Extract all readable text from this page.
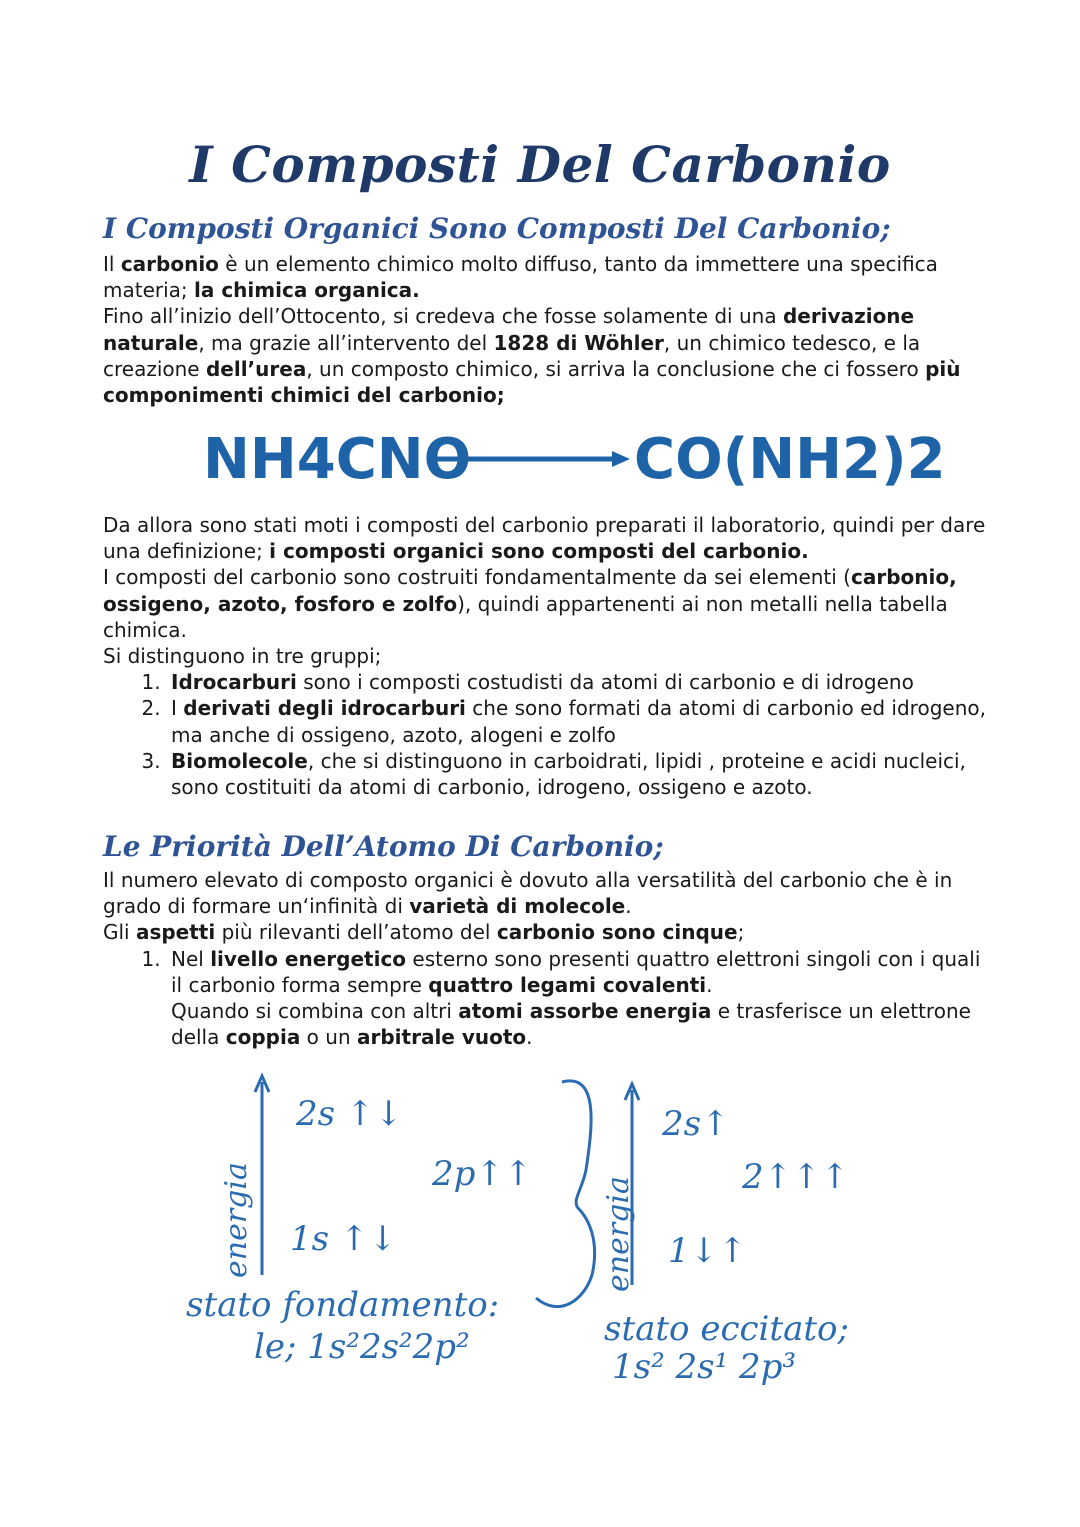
I Composti Del Carbonio
I Composti Organici Sono Composti Del Carbonio;

Il carbonio è un elemento chimico molto diffuso, tanto da immettere una specifica materia; la chimica organica.

Fino all’inizio dell’Ottocento, si credeva che fosse solamente di una derivazione naturale, ma grazie all’intervento del 1828 di Wöhler, un chimico tedesco, e la creazione dell’urea, un composto chimico, si arriva la conclusione che ci fossero più componimenti chimici del carbonio;

NH4CNO	CO(NH2)2

Da allora sono stati moti i composti del carbonio preparati il laboratorio, quindi per dare una definizione; i composti organici sono composti del carbonio.

I composti del carbonio sono costruiti fondamentalmente da sei elementi (carbonio, ossigeno, azoto, fosforo e zolfo), quindi appartenenti ai non metalli nella tabella chimica.

Si distinguono in tre gruppi;

1. Idrocarburi sono i composti costudisti da atomi di carbonio e di idrogeno
2. I derivati degli idrocarburi che sono formati da atomi di carbonio ed idrogeno, ma anche di ossigeno, azoto, alogeni e zolfo
3. Biomolecole, che si distinguono in carboidrati, lipidi , proteine e acidi nucleici, sono costituiti da atomi di carbonio, idrogeno, ossigeno e azoto.
Le Priorità Dell’Atomo Di Carbonio;

Il numero elevato di composto organici è dovuto alla versatilità del carbonio che è in grado di formare un‘infinità di varietà di molecole.

Gli aspetti più rilevanti dell’atomo del carbonio sono cinque;

1. Nel livello energetico esterno sono presenti quattro elettroni singoli con i quali il carbonio forma sempre quattro legami covalenti.
Quando si combina con altri atomi assorbe energia e trasferisce un elettrone della coppia o un arbitrale vuoto.
energia
2s ↑↓
2p↑↑
1s ↑↓
stato fondamento:
le; 1s²2s²2p²
energia
2s↑
2↑↑↑
1↓↑
stato eccitato;
1s² 2s¹ 2p³
